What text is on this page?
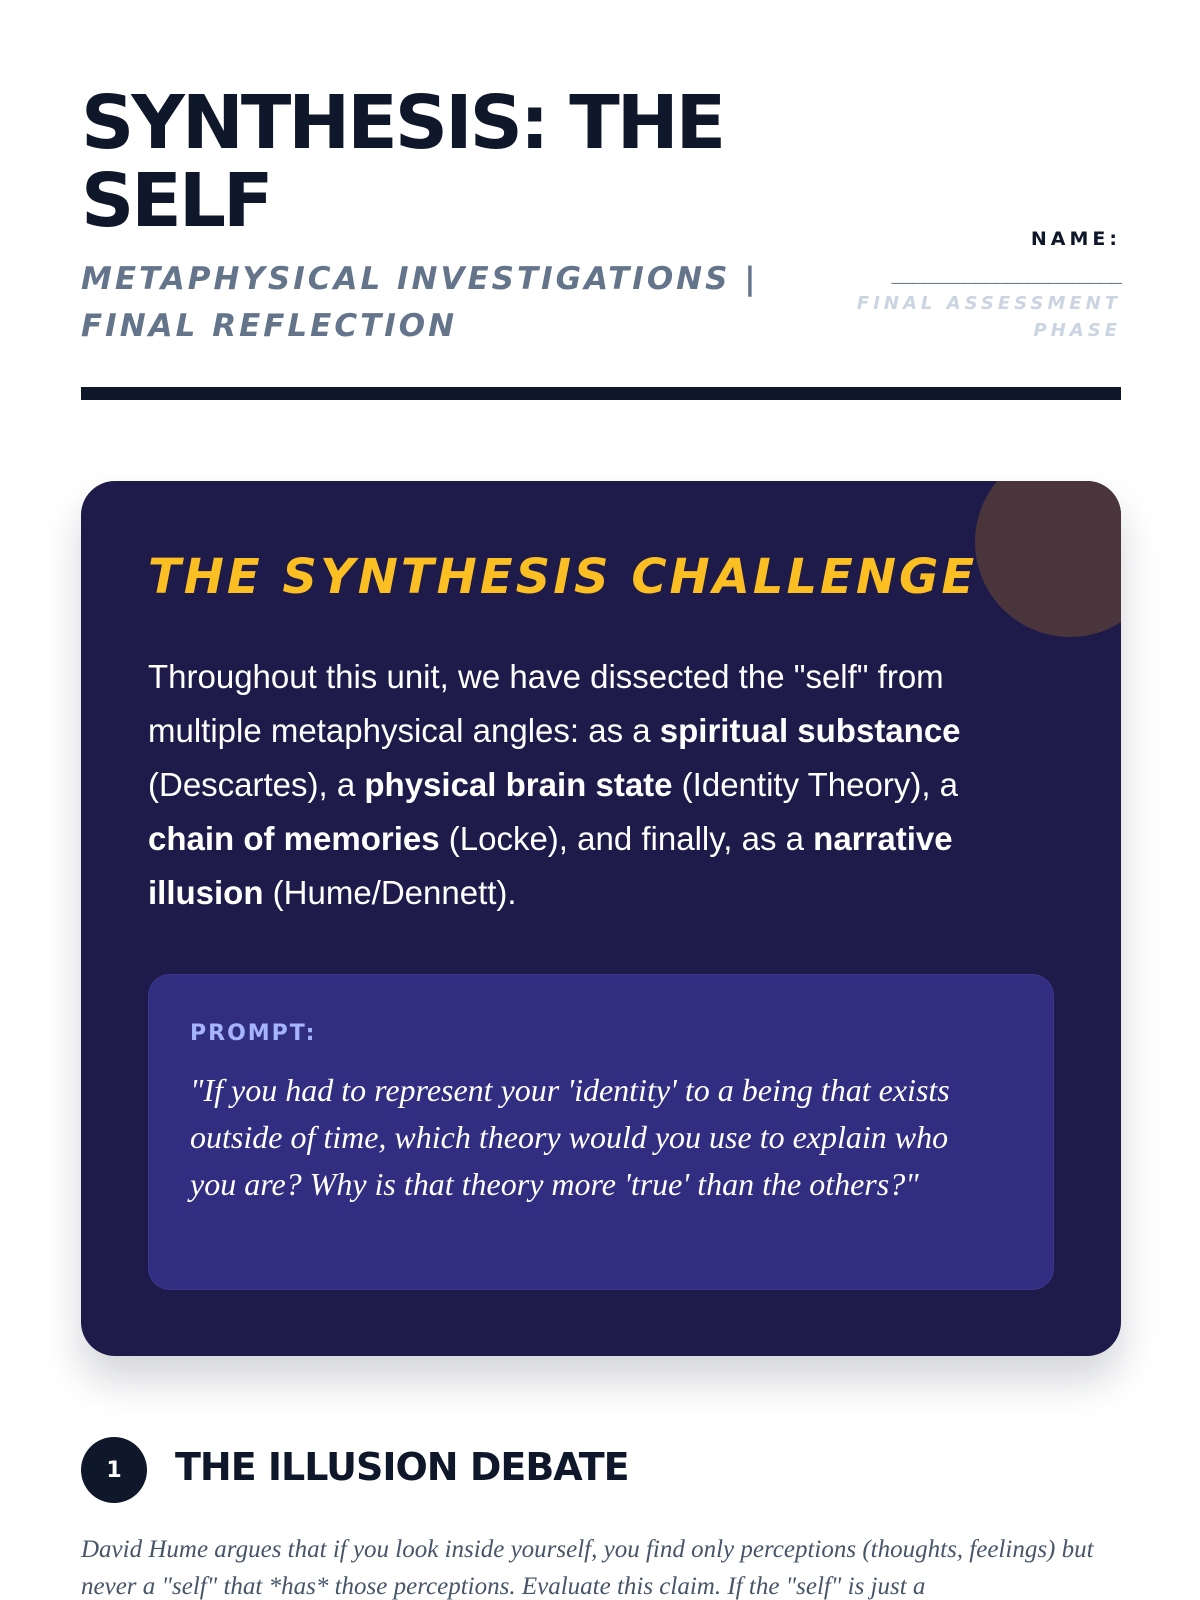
SYNTHESIS: THE SELF
METAPHYSICAL INVESTIGATIONS | FINAL REFLECTION
NAME:
______________________
FINAL ASSESSMENT PHASE
THE SYNTHESIS CHALLENGE

Throughout this unit, we have dissected the "self" from multiple metaphysical angles: as a spiritual substance (Descartes), a physical brain state (Identity Theory), a chain of memories (Locke), and finally, as a narrative illusion (Hume/Dennett).

PROMPT:
"If you had to represent your 'identity' to a being that exists outside of time, which theory would you use to explain who you are? Why is that theory more 'true' than the others?"
1	THE ILLUSION DEBATE

David Hume argues that if you look inside yourself, you find only perceptions (thoughts, feelings) but never a "self" that *has* those perceptions. Evaluate this claim. If the "self" is just a
